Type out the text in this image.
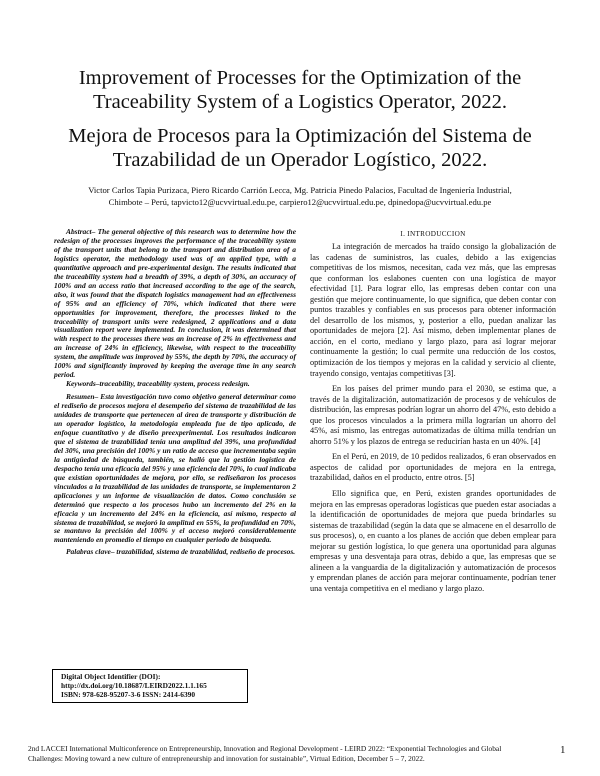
Improvement of Processes for the Optimization of the Traceability System of a Logistics Operator, 2022.
Mejora de Procesos para la Optimización del Sistema de Trazabilidad de un Operador Logístico, 2022.
Victor Carlos Tapia Purizaca, Piero Ricardo Carrión Lecca, Mg. Patricia Pinedo Palacios, Facultad de Ingeniería Industrial,
Chimbote – Perú, tapvicto12@ucvvirtual.edu.pe, carpiero12@ucvvirtual.edu.pe, dpinedopa@ucvvirtual.edu.pe

Abstract– The general objective of this research was to determine how the redesign of the processes improves the performance of the traceability system of the transport units that belong to the transport and distribution area of a logistics operator, the methodology used was of an applied type, with a quantitative approach and pre-experimental design. The results indicated that the traceability system had a breadth of 39%, a depth of 30%, an accuracy of 100% and an access ratio that increased according to the age of the search, also, it was found that the dispatch logistics management had an effectiveness of 95% and an efficiency of 70%, which indicated that there were opportunities for improvement, therefore, the processes linked to the traceability of transport units were redesigned, 2 applications and a data visualization report were implemented. In conclusion, it was determined that with respect to the processes there was an increase of 2% in effectiveness and an increase of 24% in efficiency, likewise, with respect to the traceability system, the amplitude was improved by 55%, the depth by 70%, the accuracy of 100% and significantly improved by keeping the average time in any search period.

Keywords–traceability, traceability system, process redesign.

Resumen– Esta investigación tuvo como objetivo general determinar como el rediseño de procesos mejora el desempeño del sistema de trazabilidad de las unidades de transporte que pertenecen al área de transporte y distribución de un operador logístico, la metodología empleada fue de tipo aplicado, de enfoque cuantitativo y de diseño preexperimental. Los resultados indicaron que el sistema de trazabilidad tenía una amplitud del 39%, una profundidad del 30%, una precisión del 100% y un ratio de acceso que incrementaba según la antigüedad de búsqueda, también, se halló que la gestión logística de despacho tenía una eficacia del 95% y una eficiencia del 70%, lo cual indicaba que existían oportunidades de mejora, por ello, se rediseñaron los procesos vinculados a la trazabilidad de las unidades de transporte, se implementaron 2 aplicaciones y un informe de visualización de datos. Como conclusión se determinó que respecto a los procesos hubo un incremento del 2% en la eficacia y un incremento del 24% en la eficiencia, así mismo, respecto al sistema de trazabilidad, se mejoró la amplitud en 55%, la profundidad en 70%, se mantuvo la precisión del 100% y el acceso mejoró considerablemente manteniendo en promedio el tiempo en cualquier periodo de búsqueda.

Palabras clave– trazabilidad, sistema de trazabilidad, rediseño de procesos.

Digital Object Identifier (DOI):
http://dx.doi.org/10.18687/LEIRD2022.1.1.165
ISBN: 978-628-95207-3-6 ISSN: 2414-6390
I. INTRODUCCION

La integración de mercados ha traído consigo la globalización de las cadenas de suministros, las cuales, debido a las exigencias competitivas de los mismos, necesitan, cada vez más, que las empresas que conforman los eslabones cuenten con una logística de mayor efectividad [1]. Para lograr ello, las empresas deben contar con una gestión que mejore continuamente, lo que significa, que deben contar con puntos trazables y confiables en sus procesos para obtener información del desarrollo de los mismos, y, posterior a ello, puedan analizar las oportunidades de mejora [2]. Así mismo, deben implementar planes de acción, en el corto, mediano y largo plazo, para así lograr mejorar continuamente la gestión; lo cual permite una reducción de los costos, optimización de los tiempos y mejoras en la calidad y servicio al cliente, trayendo consigo, ventajas competitivas [3].

En los países del primer mundo para el 2030, se estima que, a través de la digitalización, automatización de procesos y de vehículos de distribución, las empresas podrían lograr un ahorro del 47%, esto debido a que los procesos vinculados a la primera milla lograrían un ahorro del 45%, así mismo, las entregas automatizadas de última milla tendrían un ahorro 51% y los plazos de entrega se reducirían hasta en un 40%. [4]

En el Perú, en 2019, de 10 pedidos realizados, 6 eran observados en aspectos de calidad por oportunidades de mejora en la entrega, trazabilidad, daños en el producto, entre otros. [5]

Ello significa que, en Perú, existen grandes oportunidades de mejora en las empresas operadoras logísticas que pueden estar asociadas a la identificación de oportunidades de mejora que pueda brindarles su sistemas de trazabilidad (según la data que se almacene en el desarrollo de sus procesos), o, en cuanto a los planes de acción que deben emplear para mejorar su gestión logística, lo que genera una oportunidad para algunas empresas y una desventaja para otras, debido a que, las empresas que se alineen a la vanguardia de la digitalización y automatización de procesos y emprendan planes de acción para mejorar continuamente, podrían tener una ventaja competitiva en el mediano y largo plazo.

2nd LACCEI International Multiconference on Entrepreneurship, Innovation and Regional Development - LEIRD 2022: “Exponential Technologies and Global
Challenges: Moving toward a new culture of entrepreneurship and innovation for sustainable”, Virtual Edition, December 5 – 7, 2022.
1
